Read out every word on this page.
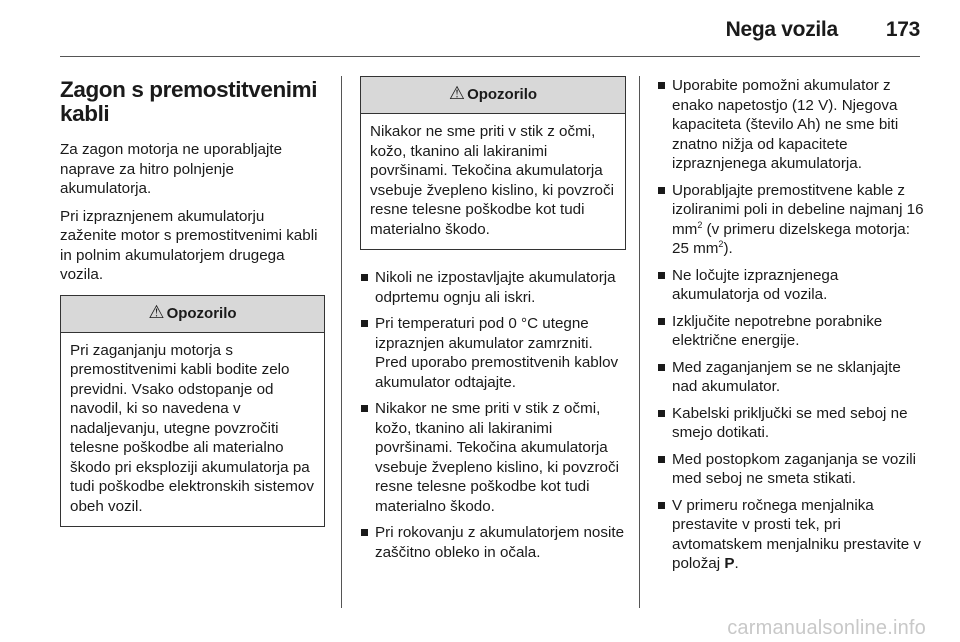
Nega vozila 173
Zagon s premostitvenimi kabli

Za zagon motorja ne uporabljajte naprave za hitro polnjenje akumulatorja.

Pri izpraznjenem akumulatorju zaženite motor s premostitvenimi kabli in polnim akumulatorjem drugega vozila.

⚠ Opozorilo
Pri zaganjanju motorja s premostitvenimi kabli bodite zelo previdni. Vsako odstopanje od navodil, ki so navedena v nadaljevanju, utegne povzročiti telesne poškodbe ali materialno škodo pri eksploziji akumulatorja pa tudi poškodbe elektronskih sistemov obeh vozil.
⚠ Opozorilo
Nikakor ne sme priti v stik z očmi, kožo, tkanino ali lakiranimi površinami. Tekočina akumulatorja vsebuje žvepleno kislino, ki povzroči resne telesne poškodbe kot tudi materialno škodo.
Nikoli ne izpostavljajte akumulatorja odprtemu ognju ali iskri.
Pri temperaturi pod 0 °C utegne izpraznjen akumulator zamrzniti. Pred uporabo premostitvenih kablov akumulator odtajajte.
Nikakor ne sme priti v stik z očmi, kožo, tkanino ali lakiranimi površinami. Tekočina akumulatorja vsebuje žvepleno kislino, ki povzroči resne telesne poškodbe kot tudi materialno škodo.
Pri rokovanju z akumulatorjem nosite zaščitno obleko in očala.
Uporabite pomožni akumulator z enako napetostjo (12 V). Njegova kapaciteta (število Ah) ne sme biti znatno nižja od kapacitete izpraznjenega akumulatorja.
Uporabljajte premostitvene kable z izoliranimi poli in debeline najmanj 16 $mm^2$ (v primeru dizelskega motorja: 25 $mm^2$).
Ne ločujte izpraznjenega akumulatorja od vozila.
Izključite nepotrebne porabnike električne energije.
Med zaganjanjem se ne sklanjajte nad akumulator.
Kabelski priključki se med seboj ne smejo dotikati.
Med postopkom zaganjanja se vozili med seboj ne smeta stikati.
V primeru ročnega menjalnika prestavite v prosti tek, pri avtomatskem menjalniku prestavite v položaj P.
carmanualsonline.info
